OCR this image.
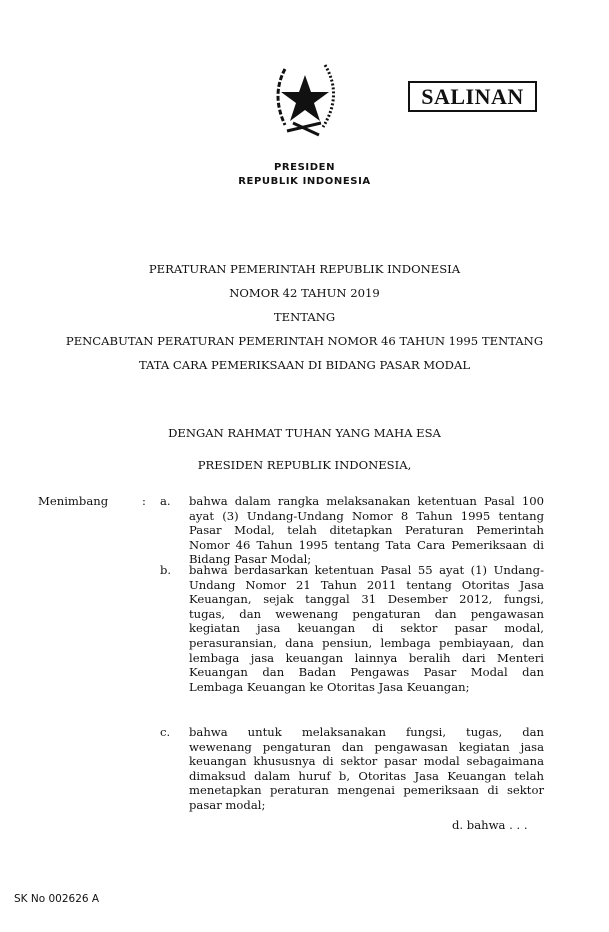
SALINAN
PRESIDEN
REPUBLIK INDONESIA
PERATURAN PEMERINTAH REPUBLIK INDONESIA
NOMOR 42 TAHUN 2019
TENTANG
PENCABUTAN PERATURAN PEMERINTAH NOMOR 46 TAHUN 1995 TENTANG
TATA CARA PEMERIKSAAN DI BIDANG PASAR MODAL
DENGAN RAHMAT TUHAN YANG MAHA ESA
PRESIDEN REPUBLIK INDONESIA,
Menimbang	: a. bahwa dalam rangka melaksanakan ketentuan Pasal 100
ayat (3) Undang-Undang Nomor 8 Tahun 1995 tentang
Pasar Modal, telah ditetapkan Peraturan Pemerintah
Nomor 46 Tahun 1995 tentang Tata Cara Pemeriksaan di
Bidang Pasar Modal;
b. bahwa berdasarkan ketentuan Pasal 55 ayat (1) Undang-
Undang Nomor 21 Tahun 2011 tentang Otoritas Jasa
Keuangan, sejak tanggal 31 Desember 2012, fungsi,
tugas, dan wewenang pengaturan dan pengawasan
kegiatan jasa keuangan di sektor pasar modal,
perasuransian, dana pensiun, lembaga pembiayaan, dan
lembaga jasa keuangan lainnya beralih dari Menteri
Keuangan dan Badan Pengawas Pasar Modal dan
Lembaga Keuangan ke Otoritas Jasa Keuangan;
c. bahwa untuk melaksanakan fungsi, tugas, dan
wewenang pengaturan dan pengawasan kegiatan jasa
keuangan khususnya di sektor pasar modal sebagaimana
dimaksud dalam huruf b, Otoritas Jasa Keuangan telah
menetapkan peraturan mengenai pemeriksaan di sektor
pasar modal;
d. bahwa . . .
SK No 002626 A
